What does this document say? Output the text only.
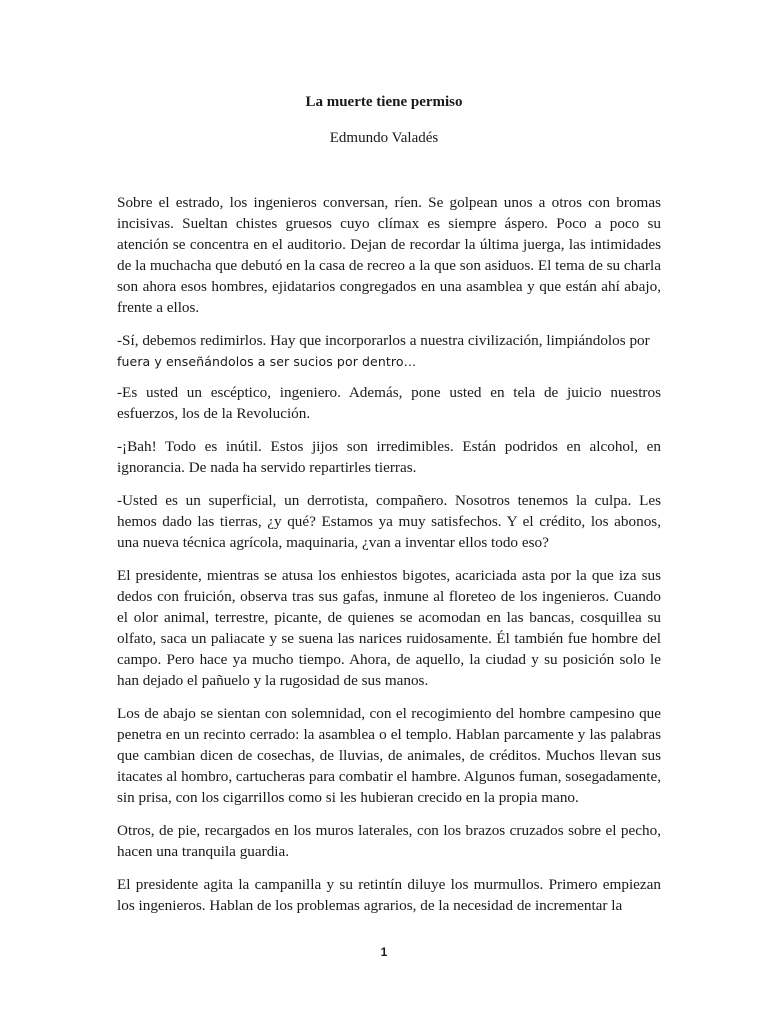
La muerte tiene permiso
Edmundo Valadés

Sobre el estrado, los ingenieros conversan, ríen. Se golpean unos a otros con bromas incisivas. Sueltan chistes gruesos cuyo clímax es siempre áspero. Poco a poco su atención se concentra en el auditorio. Dejan de recordar la última juerga, las intimidades de la muchacha que debutó en la casa de recreo a la que son asiduos. El tema de su charla son ahora esos hombres, ejidatarios congregados en una asamblea y que están ahí abajo, frente a ellos.

-Sí, debemos redimirlos. Hay que incorporarlos a nuestra civilización, limpiándolos por
fuera y enseñándolos a ser sucios por dentro…

-Es usted un escéptico, ingeniero. Además, pone usted en tela de juicio nuestros esfuerzos, los de la Revolución.

-¡Bah! Todo es inútil. Estos jijos son irredimibles. Están podridos en alcohol, en ignorancia. De nada ha servido repartirles tierras.

-Usted es un superficial, un derrotista, compañero. Nosotros tenemos la culpa. Les hemos dado las tierras, ¿y qué? Estamos ya muy satisfechos. Y el crédito, los abonos, una nueva técnica agrícola, maquinaria, ¿van a inventar ellos todo eso?

El presidente, mientras se atusa los enhiestos bigotes, acariciada asta por la que iza sus dedos con fruición, observa tras sus gafas, inmune al floreteo de los ingenieros. Cuando el olor animal, terrestre, picante, de quienes se acomodan en las bancas, cosquillea su olfato, saca un paliacate y se suena las narices ruidosamente. Él también fue hombre del campo. Pero hace ya mucho tiempo. Ahora, de aquello, la ciudad y su posición solo le han dejado el pañuelo y la rugosidad de sus manos.

Los de abajo se sientan con solemnidad, con el recogimiento del hombre campesino que penetra en un recinto cerrado: la asamblea o el templo. Hablan parcamente y las palabras que cambian dicen de cosechas, de lluvias, de animales, de créditos. Muchos llevan sus itacates al hombro, cartucheras para combatir el hambre. Algunos fuman, sosegadamente, sin prisa, con los cigarrillos como si les hubieran crecido en la propia mano.

Otros, de pie, recargados en los muros laterales, con los brazos cruzados sobre el pecho, hacen una tranquila guardia.

El presidente agita la campanilla y su retintín diluye los murmullos. Primero empiezan los ingenieros. Hablan de los problemas agrarios, de la necesidad de incrementar la

1
